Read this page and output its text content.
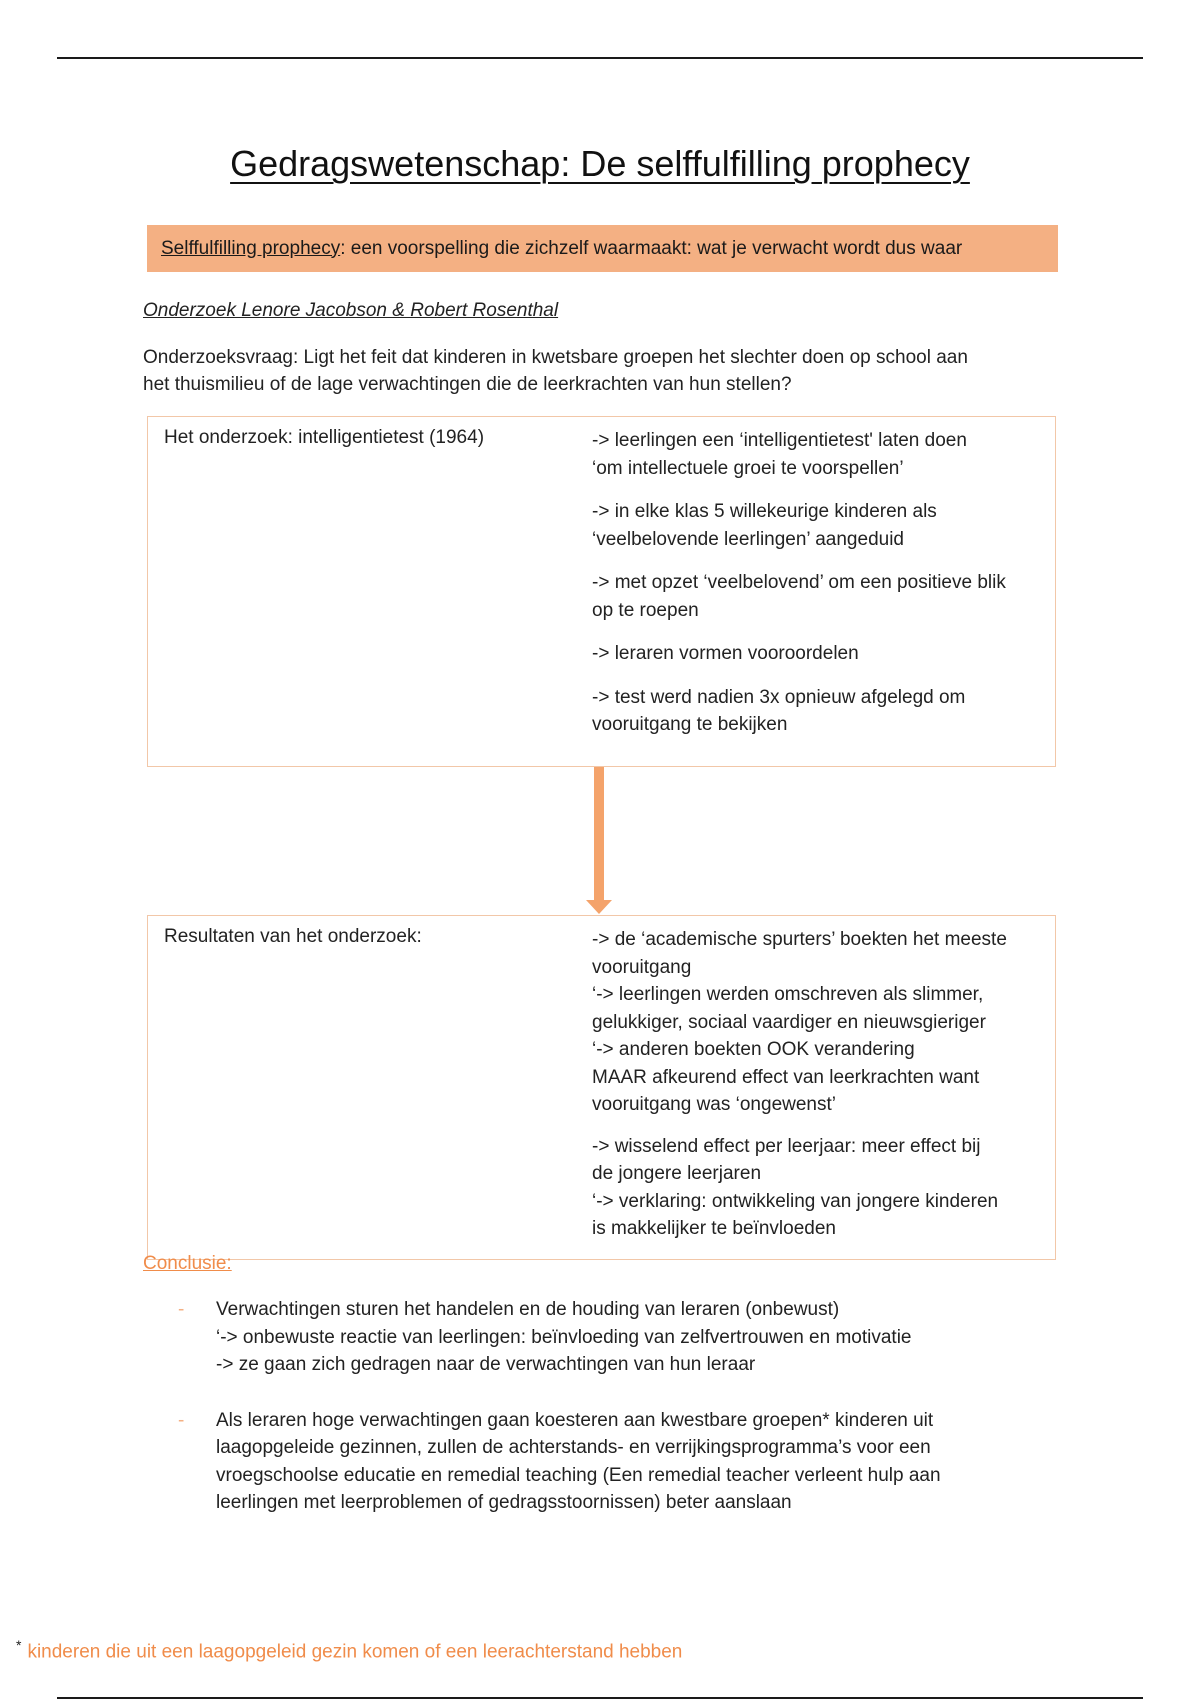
Gedragswetenschap: De selffulfilling prophecy
Selffulfilling prophecy : een voorspelling die zichzelf waarmaakt: wat je verwacht wordt dus waar
Onderzoek Lenore Jacobson & Robert Rosenthal
Onderzoeksvraag: Ligt het feit dat kinderen in kwetsbare groepen het slechter doen op school aan
het thuismilieu of de lage verwachtingen die de leerkrachten van hun stellen?
Het onderzoek: intelligentietest (1964)	-> leerlingen een ‘intelligentietest' laten doen
‘om intellectuele groei te voorspellen’

-> in elke klas 5 willekeurige kinderen als
‘veelbelovende leerlingen’ aangeduid

-> met opzet ‘veelbelovend’ om een positieve blik
op te roepen

-> leraren vormen vooroordelen

-> test werd nadien 3x opnieuw afgelegd om
vooruitgang te bekijken

Resultaten van het onderzoek:	-> de ‘academische spurters’ boekten het meeste
vooruitgang
‘-> leerlingen werden omschreven als slimmer,
gelukkiger, sociaal vaardiger en nieuwsgieriger
‘-> anderen boekten OOK verandering
MAAR afkeurend effect van leerkrachten want
vooruitgang was ‘ongewenst’
-> wisselend effect per leerjaar: meer effect bij
de jongere leerjaren
‘-> verklaring: ontwikkeling van jongere kinderen
is makkelijker te beïnvloeden
Conclusie:
- Verwachtingen sturen het handelen en de houding van leraren (onbewust)
‘-> onbewuste reactie van leerlingen: beïnvloeding van zelfvertrouwen en motivatie
-> ze gaan zich gedragen naar de verwachtingen van hun leraar
- Als leraren hoge verwachtingen gaan koesteren aan kwestbare groepen* kinderen uit
laagopgeleide gezinnen, zullen de achterstands- en verrijkingsprogramma’s voor een
vroegschoolse educatie en remedial teaching (Een remedial teacher verleent hulp aan
leerlingen met leerproblemen of gedragsstoornissen) beter aanslaan
* kinderen die uit een laagopgeleid gezin komen of een leerachterstand hebben
